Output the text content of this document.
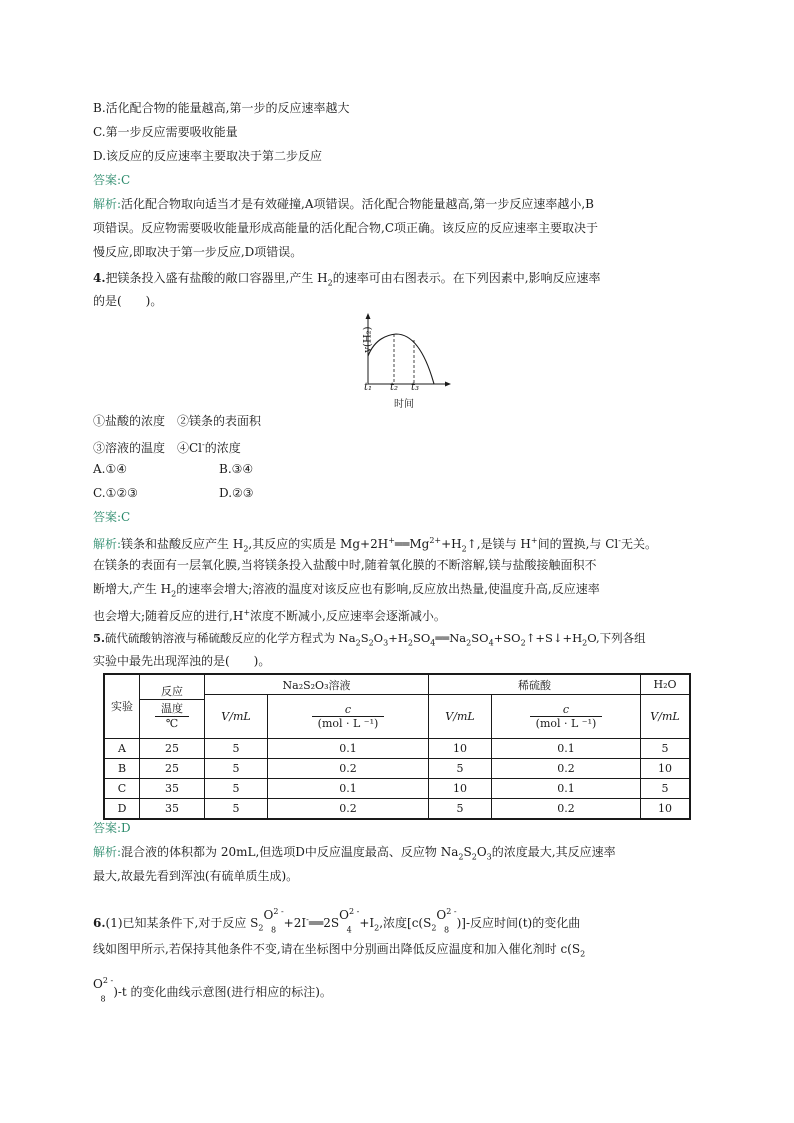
B.活化配合物的能量越高,第一步的反应速率越大
C.第一步反应需要吸收能量
D.该反应的反应速率主要取决于第二步反应
答案:C
解析:活化配合物取向适当才是有效碰撞,A项错误。活化配合物能量越高,第一步反应速率越小,B
项错误。反应物需要吸收能量形成高能量的活化配合物,C项正确。该反应的反应速率主要取决于
慢反应,即取决于第一步反应,D项错误。
4.把镁条投入盛有盐酸的敞口容器里,产生 $H_2$的速率可由右图表示。在下列因素中,影响反应速率
的是(　　)。
v(H₂)
t₁ t₂ t₃
时间
①盐酸的浓度　②镁条的表面积
③溶液的温度　④Cl-的浓度
A.①④	B.③④
C.①②③	D.②③
答案:C
解析:镁条和盐酸反应产生 $H_2$,其反应的实质是 $Mg+2H^+══Mg^{2+}+H_2↑$,是镁与 H+间的置换,与 Cl-无关。
在镁条的表面有一层氧化膜,当将镁条投入盐酸中时,随着氧化膜的不断溶解,镁与盐酸接触面积不
断增大,产生 $H_2$的速率会增大;溶液的温度对该反应也有影响,反应放出热量,使温度升高,反应速率
也会增大;随着反应的进行,H+浓度不断减小,反应速率会逐渐减小。
5.硫代硫酸钠溶液与稀硫酸反应的化学方程式为 $Na_2S_2O_3+H_2SO_4══Na_2SO_4+SO_2↑+S↓+H_2O$,下列各组
实验中最先出现浑浊的是(　　)。
实验	反应
$\frac{\text{温度}}{℃}$	Na₂S₂O₃溶液		稀硫酸		H₂O
		V/mL	$\frac{c}{\text{(mol · L ⁻¹)}}$	V/mL	$\frac{c}{\text{(mol · L ⁻¹)}}$	V/mL
A	25	5	0.1	10	0.1	5
B	25	5	0.2	5	0.2	10
C	35	5	0.1	10	0.1	5
D	35	5	0.2	5	0.2	10
答案:D
解析:混合液的体积都为 20mL,但选项D中反应温度最高、反应物 $Na_2S_2O_3$的浓度最大,其反应速率
最大,故最先看到浑浊(有硫单质生成)。
6.(1)已知某条件下,对于反应 $S_2O^{2 -}$
$_8 +2I^-══2SO^{2 -}$
$_4 +I_2$,浓度[$c(S_2O^{2 -}$
$_8$ )]-反应时间(t)的变化曲
线如图甲所示,若保持其他条件不变,请在坐标图中分别画出降低反应温度和加入催化剂时 $c(S_2$
$O^{2 -}$
$_8$ )-t 的变化曲线示意图(进行相应的标注)。
